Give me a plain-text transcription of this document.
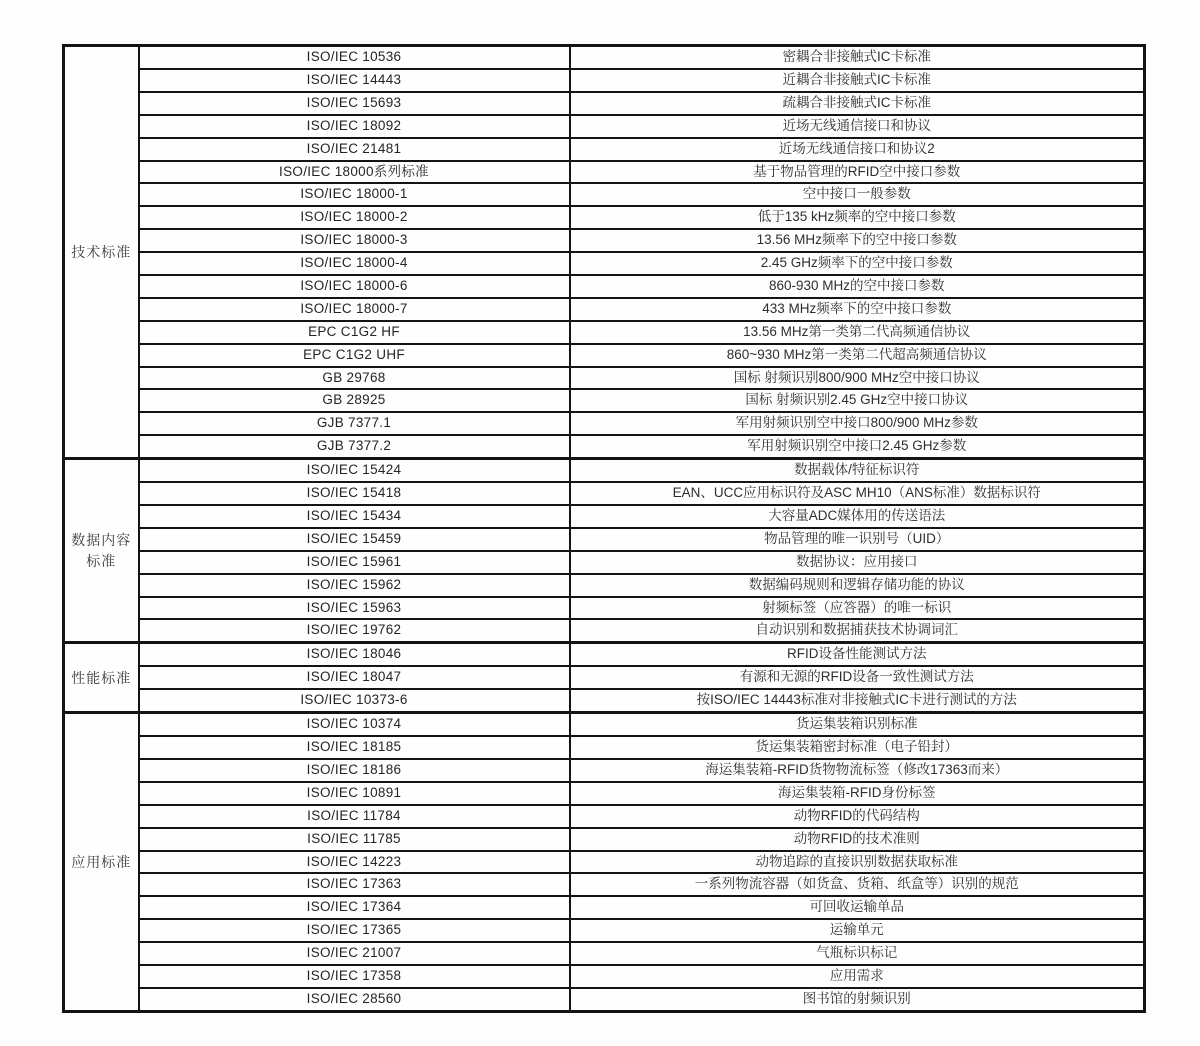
技术标准	ISO/IEC 10536	密耦合非接触式IC卡标准
	ISO/IEC 14443	近耦合非接触式IC卡标准
	ISO/IEC 15693	疏耦合非接触式IC卡标准
	ISO/IEC 18092	近场无线通信接口和协议
	ISO/IEC 21481	近场无线通信接口和协议2
	ISO/IEC 18000系列标准	基于物品管理的RFID空中接口参数
	ISO/IEC 18000-1	空中接口一般参数
	ISO/IEC 18000-2	低于135 kHz频率的空中接口参数
	ISO/IEC 18000-3	13.56 MHz频率下的空中接口参数
	ISO/IEC 18000-4	2.45 GHz频率下的空中接口参数
	ISO/IEC 18000-6	860-930 MHz的空中接口参数
	ISO/IEC 18000-7	433 MHz频率下的空中接口参数
	EPC C1G2 HF	13.56 MHz第一类第二代高频通信协议
	EPC C1G2 UHF	860~930 MHz第一类第二代超高频通信协议
	GB 29768	国标 射频识别800/900 MHz空中接口协议
	GB 28925	国标 射频识别2.45 GHz空中接口协议
	GJB 7377.1	军用射频识别空中接口800/900 MHz参数
	GJB 7377.2	军用射频识别空中接口2.45 GHz参数
数据内容标准	ISO/IEC 15424	数据载体/特征标识符
	ISO/IEC 15418	EAN、UCC应用标识符及ASC MH10（ANS标准）数据标识符
	ISO/IEC 15434	大容量ADC媒体用的传送语法
	ISO/IEC 15459	物品管理的唯一识别号（UID）
	ISO/IEC 15961	数据协议：应用接口
	ISO/IEC 15962	数据编码规则和逻辑存储功能的协议
	ISO/IEC 15963	射频标签（应答器）的唯一标识
	ISO/IEC 19762	自动识别和数据捕获技术协调词汇
性能标准	ISO/IEC 18046	RFID设备性能测试方法
	ISO/IEC 18047	有源和无源的RFID设备一致性测试方法
	ISO/IEC 10373-6	按ISO/IEC 14443标准对非接触式IC卡进行测试的方法
应用标准	ISO/IEC 10374	货运集装箱识别标准
	ISO/IEC 18185	货运集装箱密封标准（电子铅封）
	ISO/IEC 18186	海运集装箱-RFID货物物流标签（修改17363而来）
	ISO/IEC 10891	海运集装箱-RFID身份标签
	ISO/IEC 11784	动物RFID的代码结构
	ISO/IEC 11785	动物RFID的技术准则
	ISO/IEC 14223	动物追踪的直接识别数据获取标准
	ISO/IEC 17363	一系列物流容器（如货盒、货箱、纸盒等）识别的规范
	ISO/IEC 17364	可回收运输单品
	ISO/IEC 17365	运输单元
	ISO/IEC 21007	气瓶标识标记
	ISO/IEC 17358	应用需求
	ISO/IEC 28560	图书馆的射频识别
